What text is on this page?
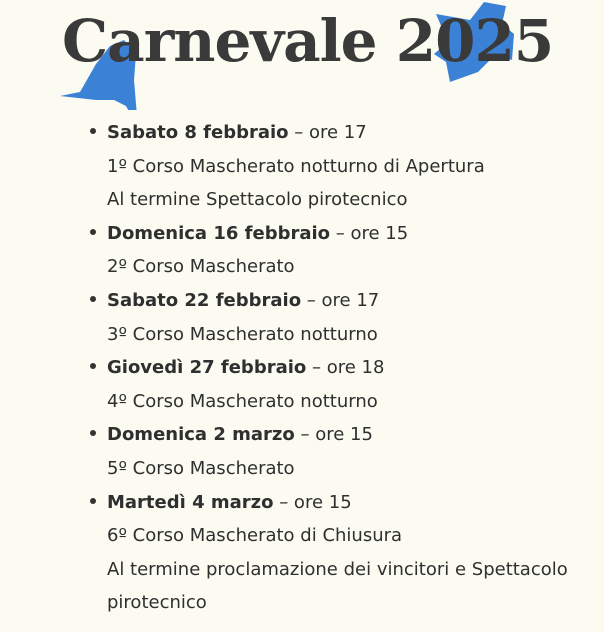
Carnevale 2025
Sabato 8 febbraio – ore 17
1º Corso Mascherato notturno di Apertura
Al termine Spettacolo pirotecnico
Domenica 16 febbraio – ore 15
2º Corso Mascherato
Sabato 22 febbraio – ore 17
3º Corso Mascherato notturno
Giovedì 27 febbraio – ore 18
4º Corso Mascherato notturno
Domenica 2 marzo – ore 15
5º Corso Mascherato
Martedì 4 marzo – ore 15
6º Corso Mascherato di Chiusura
Al termine proclamazione dei vincitori e Spettacolo
pirotecnico
